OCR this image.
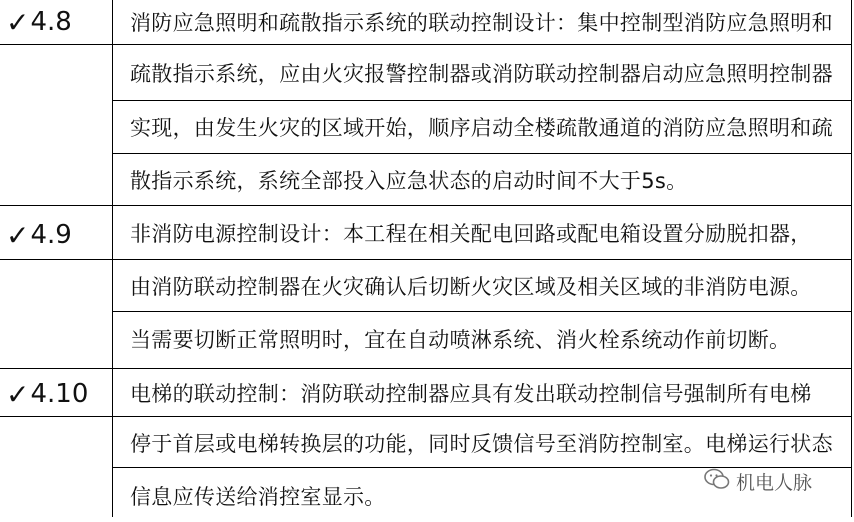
✓ 4.8	消防应急照明和疏散指示系统的联动控制设计：集中控制型消防应急照明和
疏散指示系统，应由火灾报警控制器或消防联动控制器启动应急照明控制器
实现，由发生火灾的区域开始，顺序启动全楼疏散通道的消防应急照明和疏
散指示系统，系统全部投入应急状态的启动时间不大于5s。
✓ 4.9	非消防电源控制设计：本工程在相关配电回路或配电箱设置分励脱扣器，
由消防联动控制器在火灾确认后切断火灾区域及相关区域的非消防电源。
当需要切断正常照明时，宜在自动喷淋系统、消火栓系统动作前切断。
✓ 4.10 电梯的联动控制：消防联动控制器应具有发出联动控制信号强制所有电梯
停于首层或电梯转换层的功能，同时反馈信号至消防控制室。电梯运行状态
信息应传送给消控室显示。
机电人脉
